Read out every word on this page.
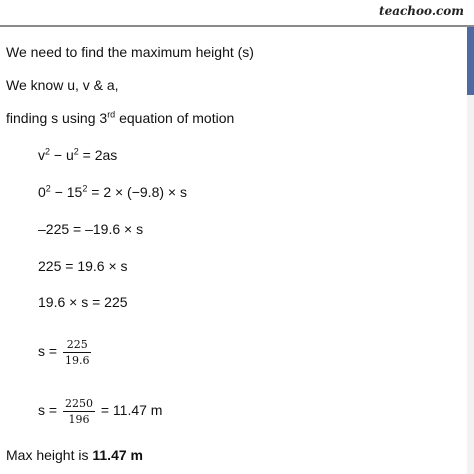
teachoo.com
We need to find the maximum height (s)
We know u, v & a,
finding s using 3rd equation of motion
$v^2 - u^2 = 2as$
$0^2 - 15^2 = 2 \times (-9.8) \times s$
–225 = –19.6 × s
225 = 19.6 × s
19.6 × s = 225
$s = \frac{225}{19.6}$
$s = \frac{2250}{196} = 11.47$ m
Max height is 11.47 m
